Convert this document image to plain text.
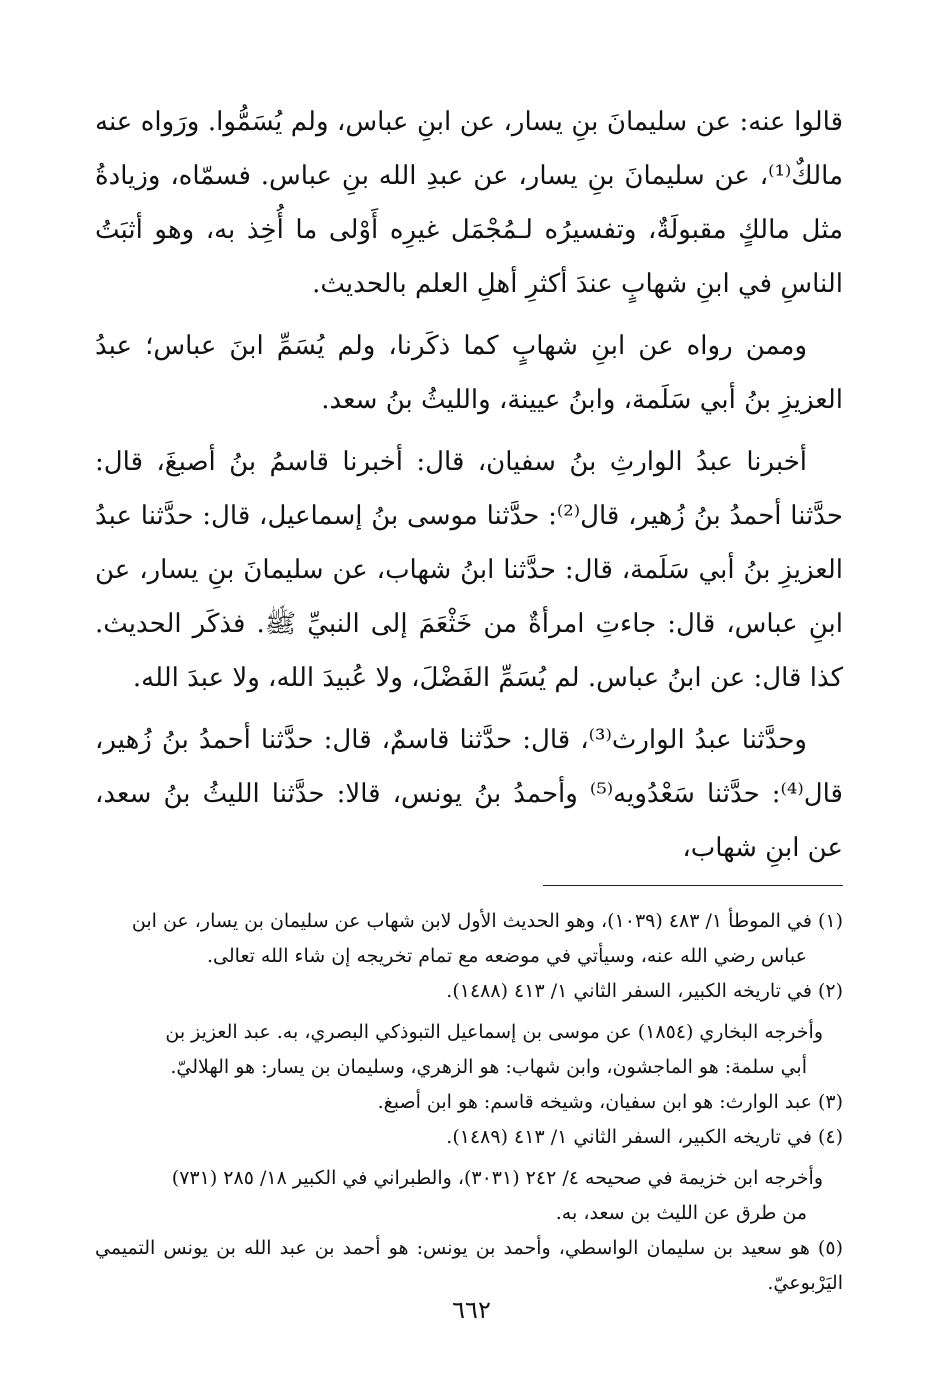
قالوا عنه: عن سليمانَ بنِ يسار، عن ابنِ عباس، ولم يُسَمُّوا. ورَواه عنه مالكٌ⁽¹⁾، عن سليمانَ بنِ يسار، عن عبدِ الله بنِ عباس. فسمّاه، وزيادةُ مثل مالكٍ مقبولَةٌ، وتفسيرُه لـمُجْمَل غيرِه أَوْلى ما أُخِذ به، وهو أثبَتُ الناسِ في ابنِ شهابٍ عندَ أكثرِ أهلِ العلم بالحديث.

وممن رواه عن ابنِ شهابٍ كما ذكَرنا، ولم يُسَمِّ ابنَ عباس؛ عبدُ العزيزِ بنُ أبي سَلَمة، وابنُ عيينة، والليثُ بنُ سعد.

أخبرنا عبدُ الوارثِ بنُ سفيان، قال: أخبرنا قاسمُ بنُ أصبغَ، قال: حدَّثنا أحمدُ بنُ زُهير، قال⁽²⁾: حدَّثنا موسى بنُ إسماعيل، قال: حدَّثنا عبدُ العزيزِ بنُ أبي سَلَمة، قال: حدَّثنا ابنُ شهاب، عن سليمانَ بنِ يسار، عن ابنِ عباس، قال: جاءتِ امرأةٌ من خَثْعَمَ إلى النبيِّ ﷺ. فذكَر الحديث. كذا قال: عن ابنُ عباس. لم يُسَمِّ الفَضْلَ، ولا عُبيدَ الله، ولا عبدَ الله.

وحدَّثنا عبدُ الوارث⁽³⁾، قال: حدَّثنا قاسمٌ، قال: حدَّثنا أحمدُ بنُ زُهير، قال⁽⁴⁾: حدَّثنا سَعْدُويه⁽⁵⁾ وأحمدُ بنُ يونس، قالا: حدَّثنا الليثُ بنُ سعد، عن ابنِ شهاب،

(١) في الموطأ ١/ ٤٨٣ (١٠٣٩)، وهو الحديث الأول لابن شهاب عن سليمان بن يسار، عن ابن

عباس رضي الله عنه، وسيأتي في موضعه مع تمام تخريجه إن شاء الله تعالى.

(٢) في تاريخه الكبير، السفر الثاني ١/ ٤١٣ (١٤٨٨).

وأخرجه البخاري (١٨٥٤) عن موسى بن إسماعيل التبوذكي البصري، به. عبد العزيز بن

أبي سلمة: هو الماجشون، وابن شهاب: هو الزهري، وسليمان بن يسار: هو الهلاليّ.

(٣) عبد الوارث: هو ابن سفيان، وشيخه قاسم: هو ابن أصبغ.

(٤) في تاريخه الكبير، السفر الثاني ١/ ٤١٣ (١٤٨٩).

وأخرجه ابن خزيمة في صحيحه ٤/ ٢٤٢ (٣٠٣١)، والطبراني في الكبير ١٨/ ٢٨٥ (٧٣١)

من طرق عن الليث بن سعد، به.

(٥) هو سعيد بن سليمان الواسطي، وأحمد بن يونس: هو أحمد بن عبد الله بن يونس التميمي اليَرْبوعيّ.

٦٦٢
